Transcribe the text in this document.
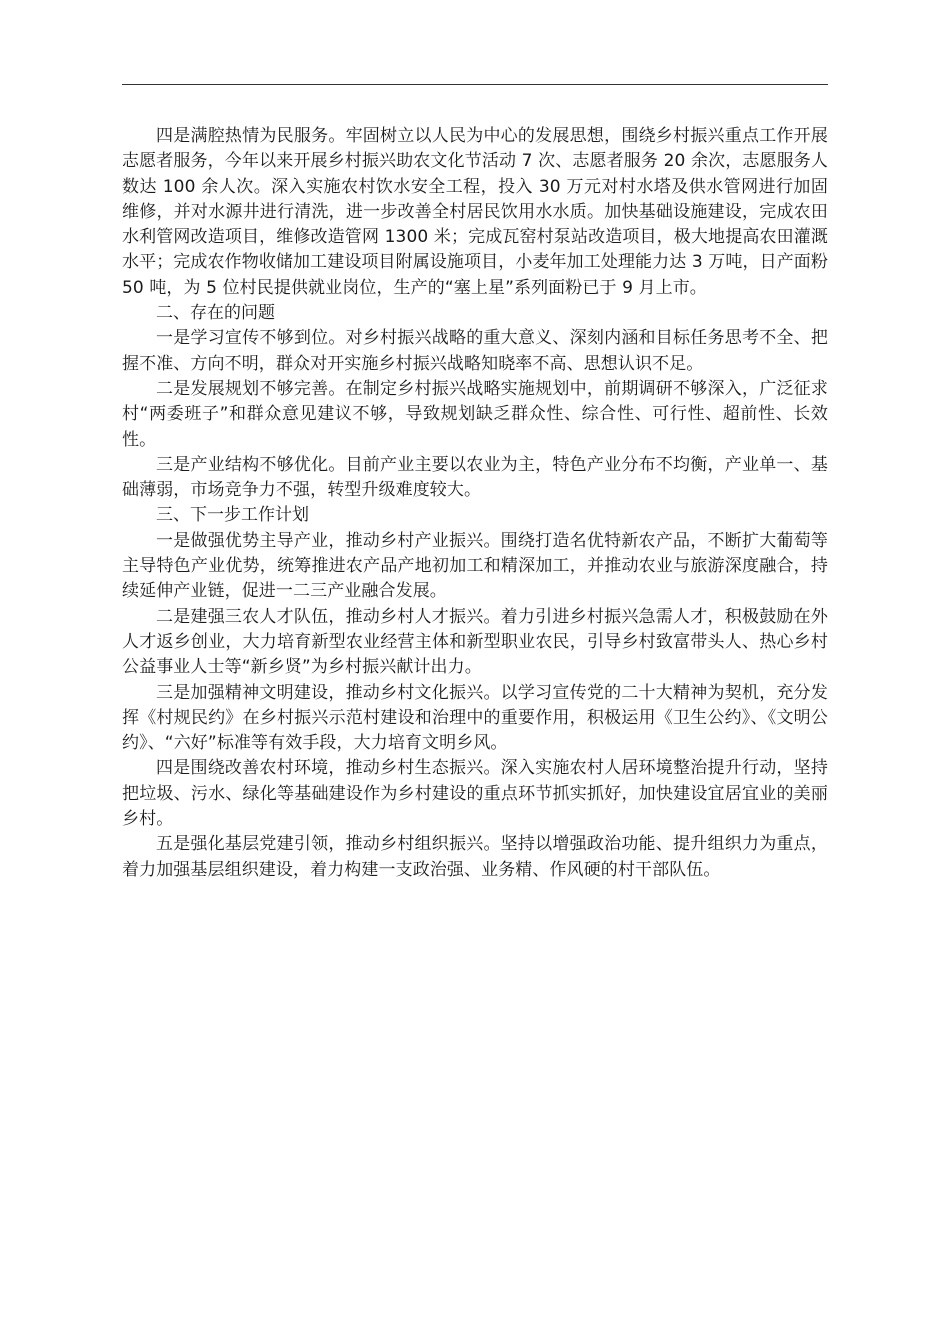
四是满腔热情为民服务。牢固树立以人民为中心的发展思想，围绕乡村振兴重点工作开展志愿者服务，今年以来开展乡村振兴助农文化节活动 7 次、志愿者服务 20 余次，志愿服务人数达 100 余人次。深入实施农村饮水安全工程，投入 30 万元对村水塔及供水管网进行加固维修，并对水源井进行清洗，进一步改善全村居民饮用水水质。加快基础设施建设，完成农田水利管网改造项目，维修改造管网 1300 米；完成瓦窑村泵站改造项目，极大地提高农田灌溉水平；完成农作物收储加工建设项目附属设施项目，小麦年加工处理能力达 3 万吨，日产面粉 50 吨，为 5 位村民提供就业岗位，生产的“塞上星”系列面粉已于 9 月上市。

二、存在的问题

一是学习宣传不够到位。对乡村振兴战略的重大意义、深刻内涵和目标任务思考不全、把握不准、方向不明，群众对开实施乡村振兴战略知晓率不高、思想认识不足。

二是发展规划不够完善。在制定乡村振兴战略实施规划中，前期调研不够深入，广泛征求村“两委班子”和群众意见建议不够，导致规划缺乏群众性、综合性、可行性、超前性、长效性。

三是产业结构不够优化。目前产业主要以农业为主，特色产业分布不均衡，产业单一、基础薄弱，市场竞争力不强，转型升级难度较大。

三、下一步工作计划

一是做强优势主导产业，推动乡村产业振兴。围绕打造名优特新农产品，不断扩大葡萄等主导特色产业优势，统筹推进农产品产地初加工和精深加工，并推动农业与旅游深度融合，持续延伸产业链，促进一二三产业融合发展。

二是建强三农人才队伍，推动乡村人才振兴。着力引进乡村振兴急需人才，积极鼓励在外人才返乡创业，大力培育新型农业经营主体和新型职业农民，引导乡村致富带头人、热心乡村公益事业人士等“新乡贤”为乡村振兴献计出力。

三是加强精神文明建设，推动乡村文化振兴。以学习宣传党的二十大精神为契机，充分发挥《村规民约》在乡村振兴示范村建设和治理中的重要作用，积极运用《卫生公约》、《文明公约》、“六好”标准等有效手段，大力培育文明乡风。

四是围绕改善农村环境，推动乡村生态振兴。深入实施农村人居环境整治提升行动，坚持把垃圾、污水、绿化等基础建设作为乡村建设的重点环节抓实抓好，加快建设宜居宜业的美丽乡村。

五是强化基层党建引领，推动乡村组织振兴。坚持以增强政治功能、提升组织力为重点，着力加强基层组织建设，着力构建一支政治强、业务精、作风硬的村干部队伍。
